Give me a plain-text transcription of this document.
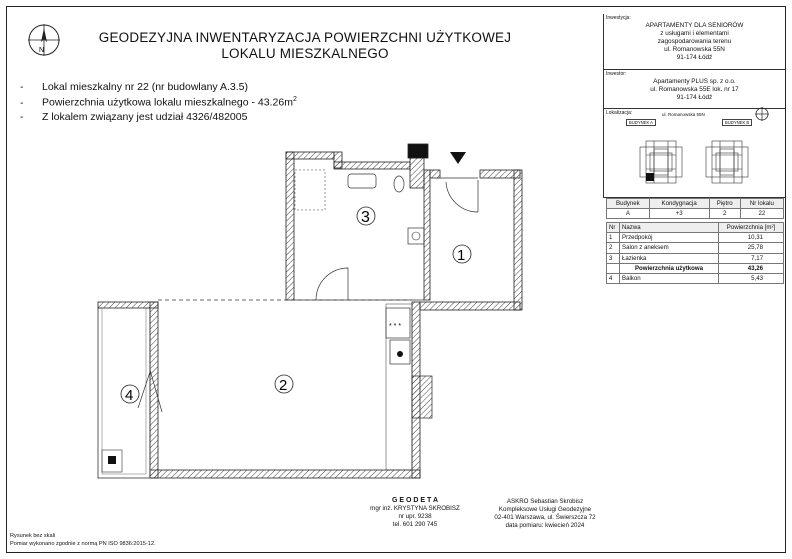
N
GEODEZYJNA INWENTARYZACJA POWIERZCHNI UŻYTKOWEJ
LOKALU MIESZKALNEGO
- Lokal mieszkalny nr 22 (nr budowlany A.3.5)
- Powierzchnia użytkowa lokalu mieszkalnego - $43.26m^2$
- Z lokalem związany jest udział 4326/482005
Inwestycja:
APARTAMENTY DLA SENIORÓW
z usługami i elementami
zagospodarowania terenu
ul. Romanowska 55N
91-174 Łódź
Inwestor:
Apartamenty PLUS sp. z o.o.
ul. Romanowska 55E lok. nr 17
91-174 Łódź
Lokalizacja:	ul. Romanowska 55N
BUDYNEK A	BUDYNEK B
Budynek	Kondygnacja	Piętro	Nr lokalu
A	+3	2	22
Nr	Nazwa	Powierzchnia [m²]
1	Przedpokój	10,31
2	Salon z aneksem	25,78
3	Łazienka	7,17
	Powierzchnia użytkowa	43,26
4	Balkon	5,43
* * *
3
1
2
4
G E O D E T A
mgr inż. KRYSTYNA SKROBISZ
nr upr. 9238
tel. 601 290 745
ASKRO Sebastian Skrobisz
Kompleksowe Usługi Geodezyjne
02-401 Warszawa, ul. Świerszcza 72
data pomiaru: kwiecień 2024
Rysunek bez skali
Pomiar wykonano zgodnie z normą PN ISO 9836:2015-12.
